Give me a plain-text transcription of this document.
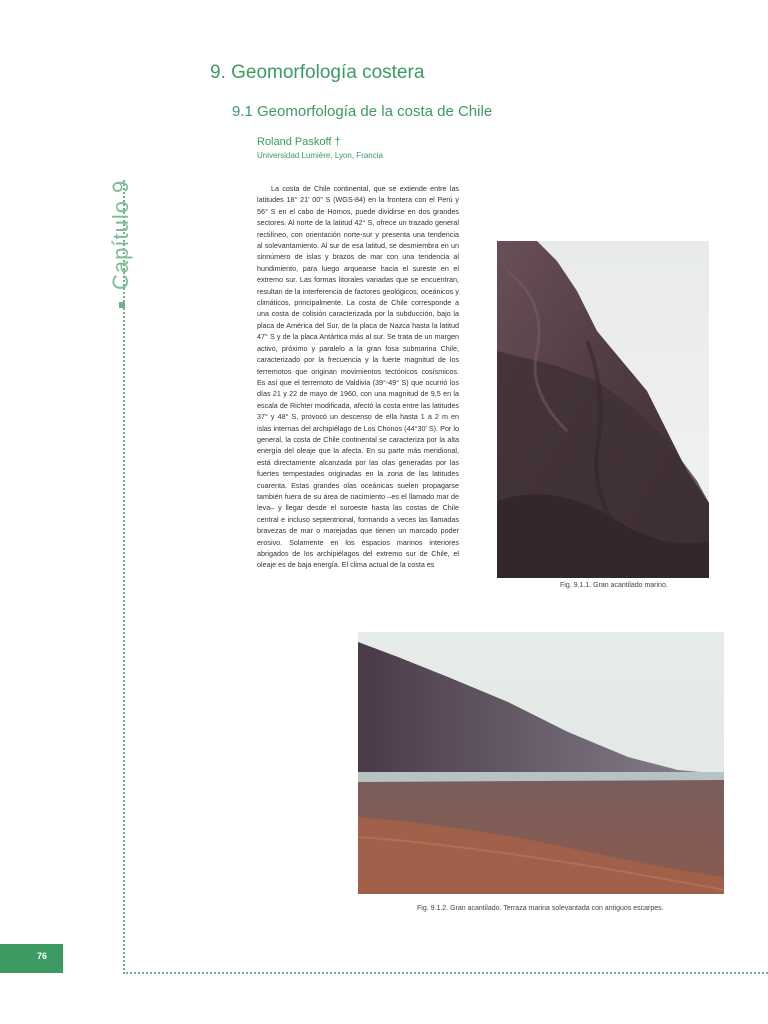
Capítulo 9
9. Geomorfología costera
9.1 Geomorfología de la costa de Chile
Roland Paskoff †
Universidad Lumière, Lyon, Francia

La costa de Chile continental, que se extiende entre las latitudes 18° 21' 00" S (WGS-84) en la frontera con el Perú y 56° S en el cabo de Hornos, puede dividirse en dos grandes sectores. Al norte de la latitud 42° S, ofrece un trazado general rectilíneo, con orientación norte-sur y presenta una tendencia al solevantamiento. Al sur de esa latitud, se desmiembra en un sinnúmero de islas y brazos de mar con una tendencia al hundimiento, para luego arquearse hacia el sureste en el extremo sur. Las formas litorales variadas que se encuentran, resultan de la interferencia de factores geológicos, oceánicos y climáticos, principalmente. La costa de Chile corresponde a una costa de colisión caracterizada por la subducción, bajo la placa de América del Sur, de la placa de Nazca hasta la latitud 47° S y de la placa Antártica más al sur. Se trata de un margen activo, próximo y paralelo a la gran fosa submarina Chile, caracterizado por la frecuencia y la fuerte magnitud de los terremotos que originan movimientos tectónicos cosísmicos. Es así que el terremoto de Valdivia (39°-49° S) que ocurrió los días 21 y 22 de mayo de 1960, con una magnitud de 9,5 en la escala de Richter modificada, afectó la costa entre las latitudes 37° y 48° S, provocó un descenso de ella hasta 1 a 2 m en islas internas del archipiélago de Los Chonos (44°30' S). Por lo general, la costa de Chile continental se caracteriza por la alta energía del oleaje que la afecta. En su parte más meridional, está directamente alcanzada por las olas generadas por las fuertes tempestades originadas en la zona de las latitudes cuarenta. Estas grandes olas oceánicas suelen propagarse también fuera de su área de nacimiento –es el llamado mar de leva– y llegar desde el suroeste hasta las costas de Chile central e incluso septentrional, formando a veces las llamadas bravezas de mar o marejadas que tienen un marcado poder erosivo. Solamente en los espacios marinos interiores abrigados de los archipiélagos del extremo sur de Chile, el oleaje es de baja energía. El clima actual de la costa es

Fig. 9.1.1. Gran acantilado marino.
Fig. 9.1.2. Gran acantilado. Terraza marina solevantada con antiguos escarpes.
76
